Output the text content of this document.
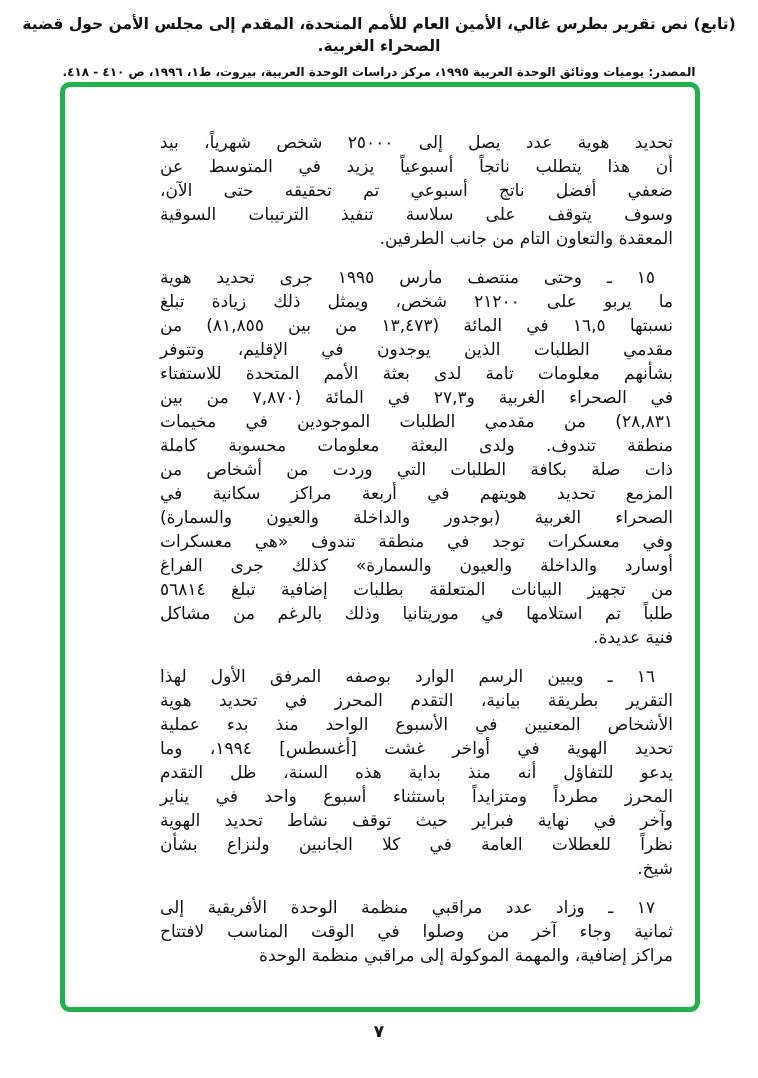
(تابع) نص تقرير بطرس غالي، الأمين العام للأمم المتحدة، المقدم إلى مجلس الأمن حول قضية الصحراء الغربية.
المصدر: يوميات ووثائق الوحدة العربية ١٩٩٥، مركز دراسات الوحدة العربية، بيروت، ط١، ١٩٩٦، ص ٤١٠ - ٤١٨.
تحديد هوية عدد يصل إلى ٢٥٠٠٠ شخص شهرياً، بيد
أن هذا يتطلب ناتجاً أسبوعياً يزيد في المتوسط عن
ضعفي أفضل ناتج أسبوعي تم تحقيقه حتى الآن،
وسوف يتوقف على سلاسة تنفيذ الترتيبات السوقية
المعقدة والتعاون التام من جانب الطرفين.
١٥ ـ وحتى منتصف مارس ١٩٩٥ جرى تحديد هوية
ما يربو على ٢١٢٠٠ شخص، ويمثل ذلك زيادة تبلغ
نسبتها ١٦,٥ في المائة (١٣,٤٧٣ من بين ٨١,٨٥٥) من
مقدمي الطلبات الذين يوجدون في الإقليم، وتتوفر
بشأنهم معلومات تامة لدى بعثة الأمم المتحدة للاستفتاء
في الصحراء الغربية و٢٧,٣ في المائة (٧,٨٧٠ من بين
٢٨,٨٣١) من مقدمي الطلبات الموجودين في مخيمات
منطقة تندوف. ولدى البعثة معلومات محسوبة كاملة
ذات صلة بكافة الطلبات التي وردت من أشخاص من
المزمع تحديد هويتهم في أربعة مراكز سكانية في
الصحراء الغربية (بوجدور والداخلة والعيون والسمارة)
وفي معسكرات توجد في منطقة تندوف «هي معسكرات
أوسارد والداخلة والعيون والسمارة» كذلك جرى الفراغ
من تجهيز البيانات المتعلقة بطلبات إضافية تبلغ ٥٦٨١٤
طلباً تم استلامها في موريتانيا وذلك بالرغم من مشاكل
فنية عديدة.
١٦ ـ ويبين الرسم الوارد بوصفه المرفق الأول لهذا
التقرير بطريقة بيانية، التقدم المحرز في تحديد هوية
الأشخاص المعنيين في الأسبوع الواحد منذ بدء عملية
تحديد الهوية في أواخر غشت [أغسطس] ١٩٩٤، وما
يدعو للتفاؤل أنه منذ بداية هذه السنة، ظل التقدم
المحرز مطرداً ومتزايداً باستثناء أسبوع واحد في يناير
وآخر في نهاية فبراير حيث توقف نشاط تحديد الهوية
نظراً للعطلات العامة في كلا الجانبين ولنزاع بشأن
شيخ.
١٧ ـ وزاد عدد مراقبي منظمة الوحدة الأفريقية إلى
ثمانية وجاء آخر من وصلوا في الوقت المناسب لافتتاح
مراكز إضافية، والمهمة الموكولة إلى مراقبي منظمة الوحدة
٧
